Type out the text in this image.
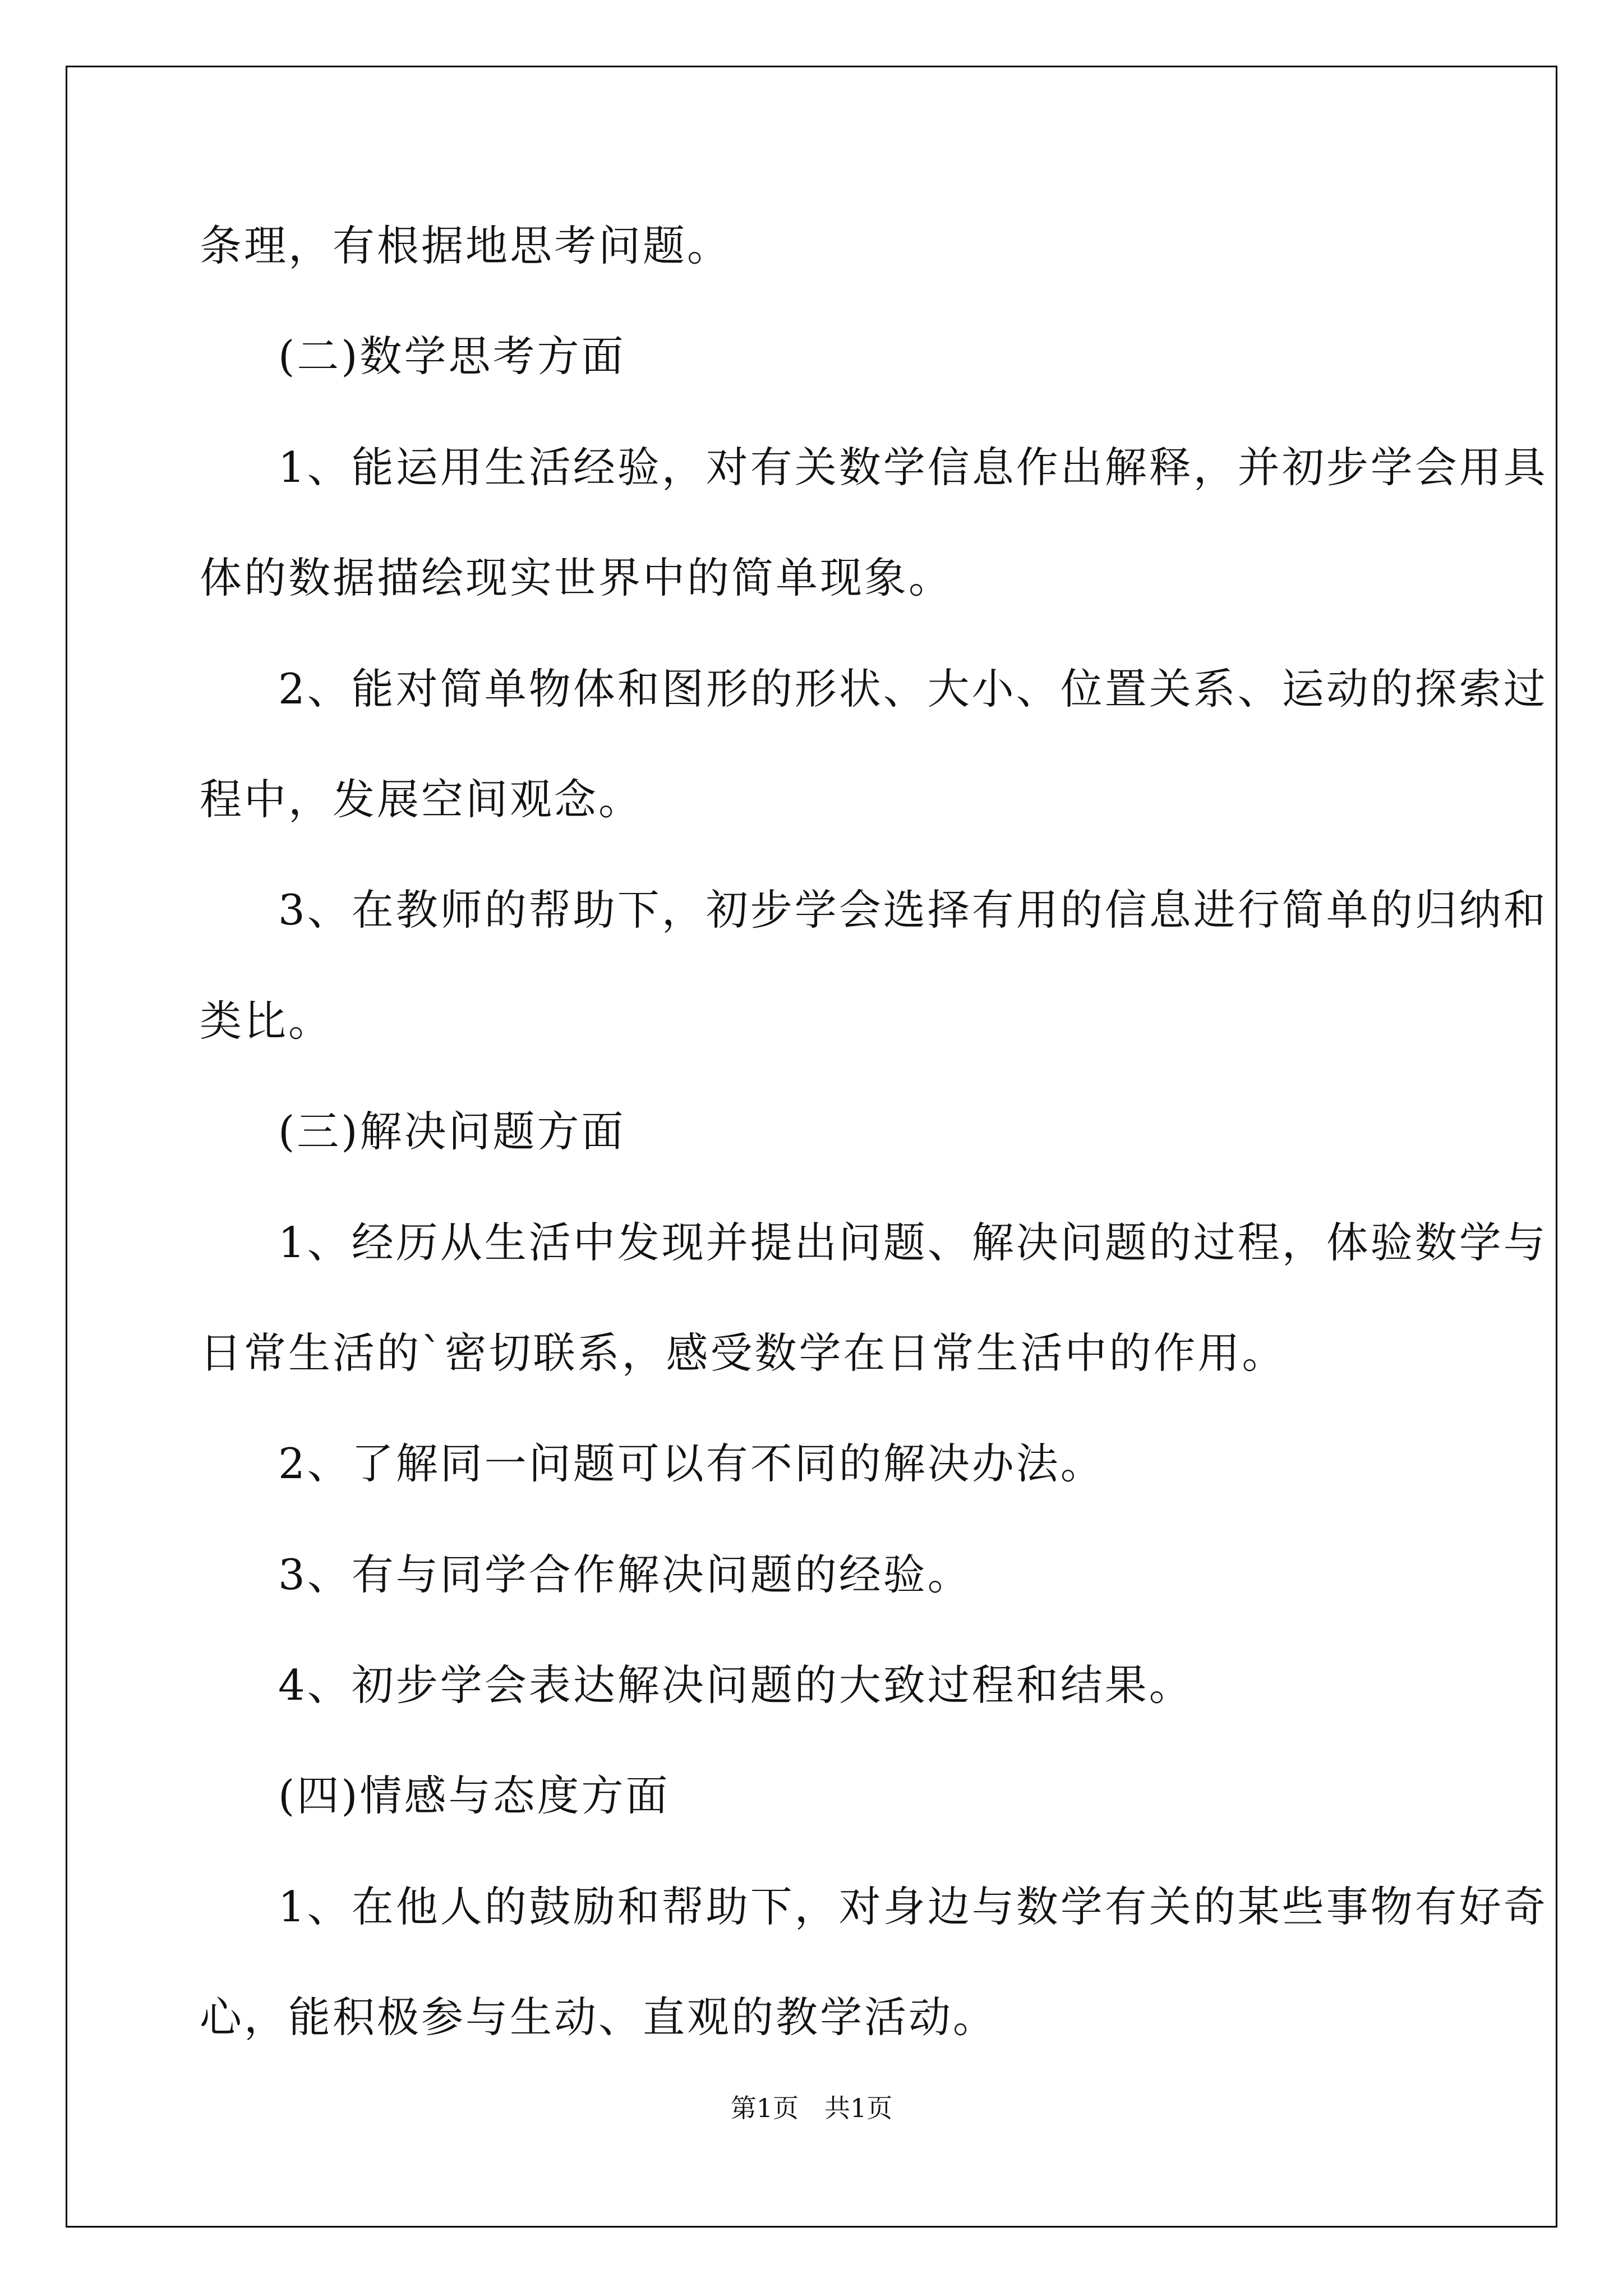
条理，有根据地思考问题。
(二)数学思考方面
1、能运用生活经验，对有关数学信息作出解释，并初步学会用具
体的数据描绘现实世界中的简单现象。
2、能对简单物体和图形的形状、大小、位置关系、运动的探索过
程中，发展空间观念。
3、在教师的帮助下，初步学会选择有用的信息进行简单的归纳和
类比。
(三)解决问题方面
1、经历从生活中发现并提出问题、解决问题的过程，体验数学与
日常生活的`密切联系，感受数学在日常生活中的作用。
2、了解同一问题可以有不同的解决办法。
3、有与同学合作解决问题的经验。
4、初步学会表达解决问题的大致过程和结果。
(四)情感与态度方面
1、在他人的鼓励和帮助下，对身边与数学有关的某些事物有好奇
心，能积极参与生动、直观的教学活动。
第1页　共1页
